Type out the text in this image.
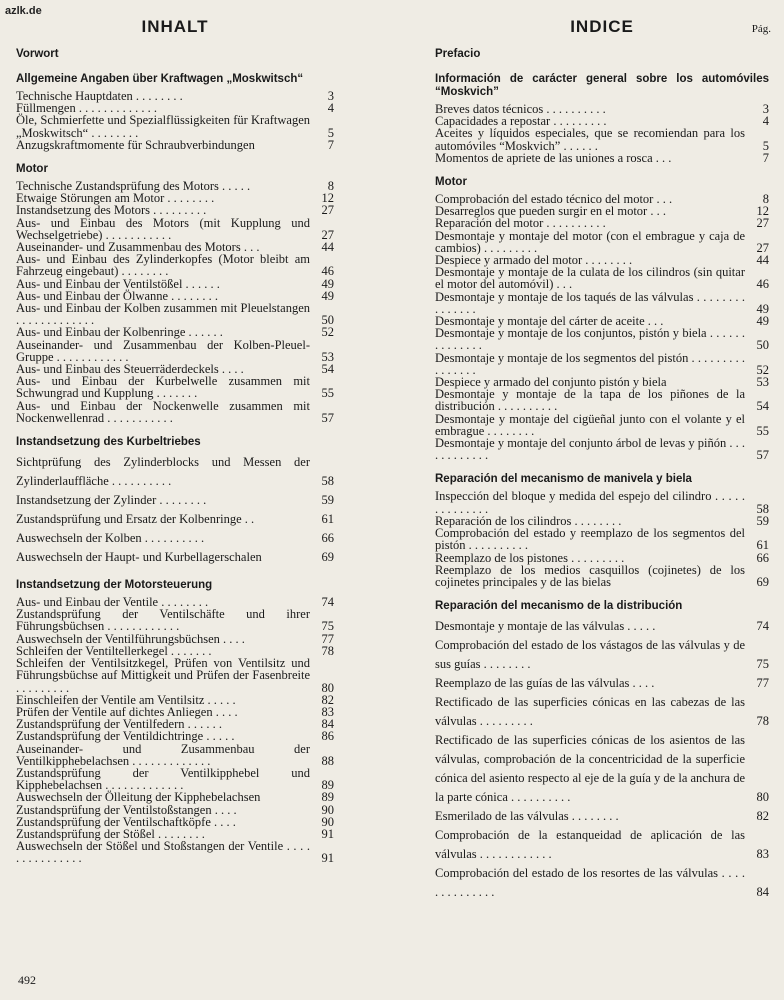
azlk.de
INHALT
Vorwort
Allgemeine Angaben über Kraftwagen „Moskwitsch“
Technische Hauptdaten . . . . . . . .	3
Füllmengen . . . . . . . . . . . . .	4
Öle, Schmierfette und Spezialflüssigkeiten für Kraftwagen „Moskwitsch“ . . . . . . . .	5
Anzugskraftmomente für Schraubverbindungen	7
Motor
Technische Zustandsprüfung des Motors . . . . .	8
Etwaige Störungen am Motor . . . . . . . .	12
Instandsetzung des Motors . . . . . . . . .	27
Aus- und Einbau des Motors (mit Kupplung und Wechselgetriebe) . . . . . . . . . . .	27
Auseinander- und Zusammenbau des Motors . . .	44
Aus- und Einbau des Zylinderkopfes (Motor bleibt am Fahrzeug eingebaut) . . . . . . . .	46
Aus- und Einbau der Ventilstößel . . . . . .	49
Aus- und Einbau der Ölwanne . . . . . . . .	49
Aus- und Einbau der Kolben zusammen mit Pleuelstangen . . . . . . . . . . . . .	50
Aus- und Einbau der Kolbenringe . . . . . .	52
Auseinander- und Zusammenbau der Kolben-Pleuel-Gruppe . . . . . . . . . . . .	53
Aus- und Einbau des Steuerräderdeckels . . . .	54
Aus- und Einbau der Kurbelwelle zusammen mit Schwungrad und Kupplung . . . . . . .	55
Aus- und Einbau der Nockenwelle zusammen mit Nockenwellenrad . . . . . . . . . . .	57
Instandsetzung des Kurbeltriebes
Sichtprüfung des Zylinderblocks und Messen der Zylinderlauffläche . . . . . . . . . .	58
Instandsetzung der Zylinder . . . . . . . .	59
Zustandsprüfung und Ersatz der Kolbenringe . .	61
Auswechseln der Kolben . . . . . . . . . .	66
Auswechseln der Haupt- und Kurbellagerschalen	69
Instandsetzung der Motorsteuerung
Aus- und Einbau der Ventile . . . . . . . .	74
Zustandsprüfung der Ventilschäfte und ihrer Führungsbüchsen . . . . . . . . . . . .	75
Auswechseln der Ventilführungsbüchsen . . . .	77
Schleifen der Ventiltellerkegel . . . . . . .	78
Schleifen der Ventilsitzkegel, Prüfen von Ventilsitz und Führungsbüchse auf Mittigkeit und Prüfen der Fasenbreite . . . . . . . . .	80
Einschleifen der Ventile am Ventilsitz . . . . .	82
Prüfen der Ventile auf dichtes Anliegen . . . .	83
Zustandsprüfung der Ventilfedern . . . . . .	84
Zustandsprüfung der Ventildichtringe . . . . .	86
Auseinander- und Zusammenbau der Ventilkipphebelachsen . . . . . . . . . . . . .	88
Zustandsprüfung der Ventilkipphebel und Kipphebelachsen . . . . . . . . . . . . .	89
Auswechseln der Ölleitung der Kipphebelachsen	89
Zustandsprüfung der Ventilstoßstangen . . . .	90
Zustandsprüfung der Ventilschaftköpfe . . . .	90
Zustandsprüfung der Stößel . . . . . . . .	91
Auswechseln der Stößel und Stoßstangen der Ventile . . . . . . . . . . . . . . .	91
INDICE	Pág.
Prefacio
Información de carácter general sobre los automóviles “Moskvich”
Breves datos técnicos . . . . . . . . . .	3
Capacidades a repostar . . . . . . . . .	4
Aceites y líquidos especiales, que se recomiendan para los automóviles “Moskvich” . . . . . .	5
Momentos de apriete de las uniones a rosca . . .	7
Motor
Comprobación del estado técnico del motor . . .	8
Desarreglos que pueden surgir en el motor . . .	12
Reparación del motor . . . . . . . . . .	27
Desmontaje y montaje del motor (con el embrague y caja de cambios) . . . . . . . . .	27
Despiece y armado del motor . . . . . . . .	44
Desmontaje y montaje de la culata de los cilindros (sin quitar el motor del automóvil) . . .	46
Desmontaje y montaje de los taqués de las válvulas . . . . . . . . . . . . . . .	49
Desmontaje y montaje del cárter de aceite . . .	49
Desmontaje y montaje de los conjuntos, pistón y biela . . . . . . . . . . . . . .	50
Desmontaje y montaje de los segmentos del pistón . . . . . . . . . . . . . . . .	52
Despiece y armado del conjunto pistón y biela	53
Desmontaje y montaje de la tapa de los piñones de la distribución . . . . . . . . . .	54
Desmontaje y montaje del cigüeñal junto con el volante y el embrague . . . . . . . .	55
Desmontaje y montaje del conjunto árbol de levas y piñón . . . . . . . . . . . .	57
Reparación del mecanismo de manivela y biela
Inspección del bloque y medida del espejo del cilindro . . . . . . . . . . . . . .	58
Reparación de los cilindros . . . . . . . .	59
Comprobación del estado y reemplazo de los segmentos del pistón . . . . . . . . . .	61
Reemplazo de los pistones . . . . . . . . .	66
Reemplazo de los medios casquillos (cojinetes) de los cojinetes principales y de las bielas	69
Reparación del mecanismo de la distribución
Desmontaje y montaje de las válvulas . . . . .	74
Comprobación del estado de los vástagos de las válvulas y de sus guías . . . . . . . .	75
Reemplazo de las guías de las válvulas . . . .	77
Rectificado de las superficies cónicas en las cabezas de las válvulas . . . . . . . . .	78
Rectificado de las superficies cónicas de los asientos de las válvulas, comprobación de la concentricidad de la superficie cónica del asiento respecto al eje de la guía y de la anchura de la parte cónica . . . . . . . . . .	80
Esmerilado de las válvulas . . . . . . . .	82
Comprobación de la estanqueidad de aplicación de las válvulas . . . . . . . . . . . .	83
Comprobación del estado de los resortes de las válvulas . . . . . . . . . . . . . .	84
492
